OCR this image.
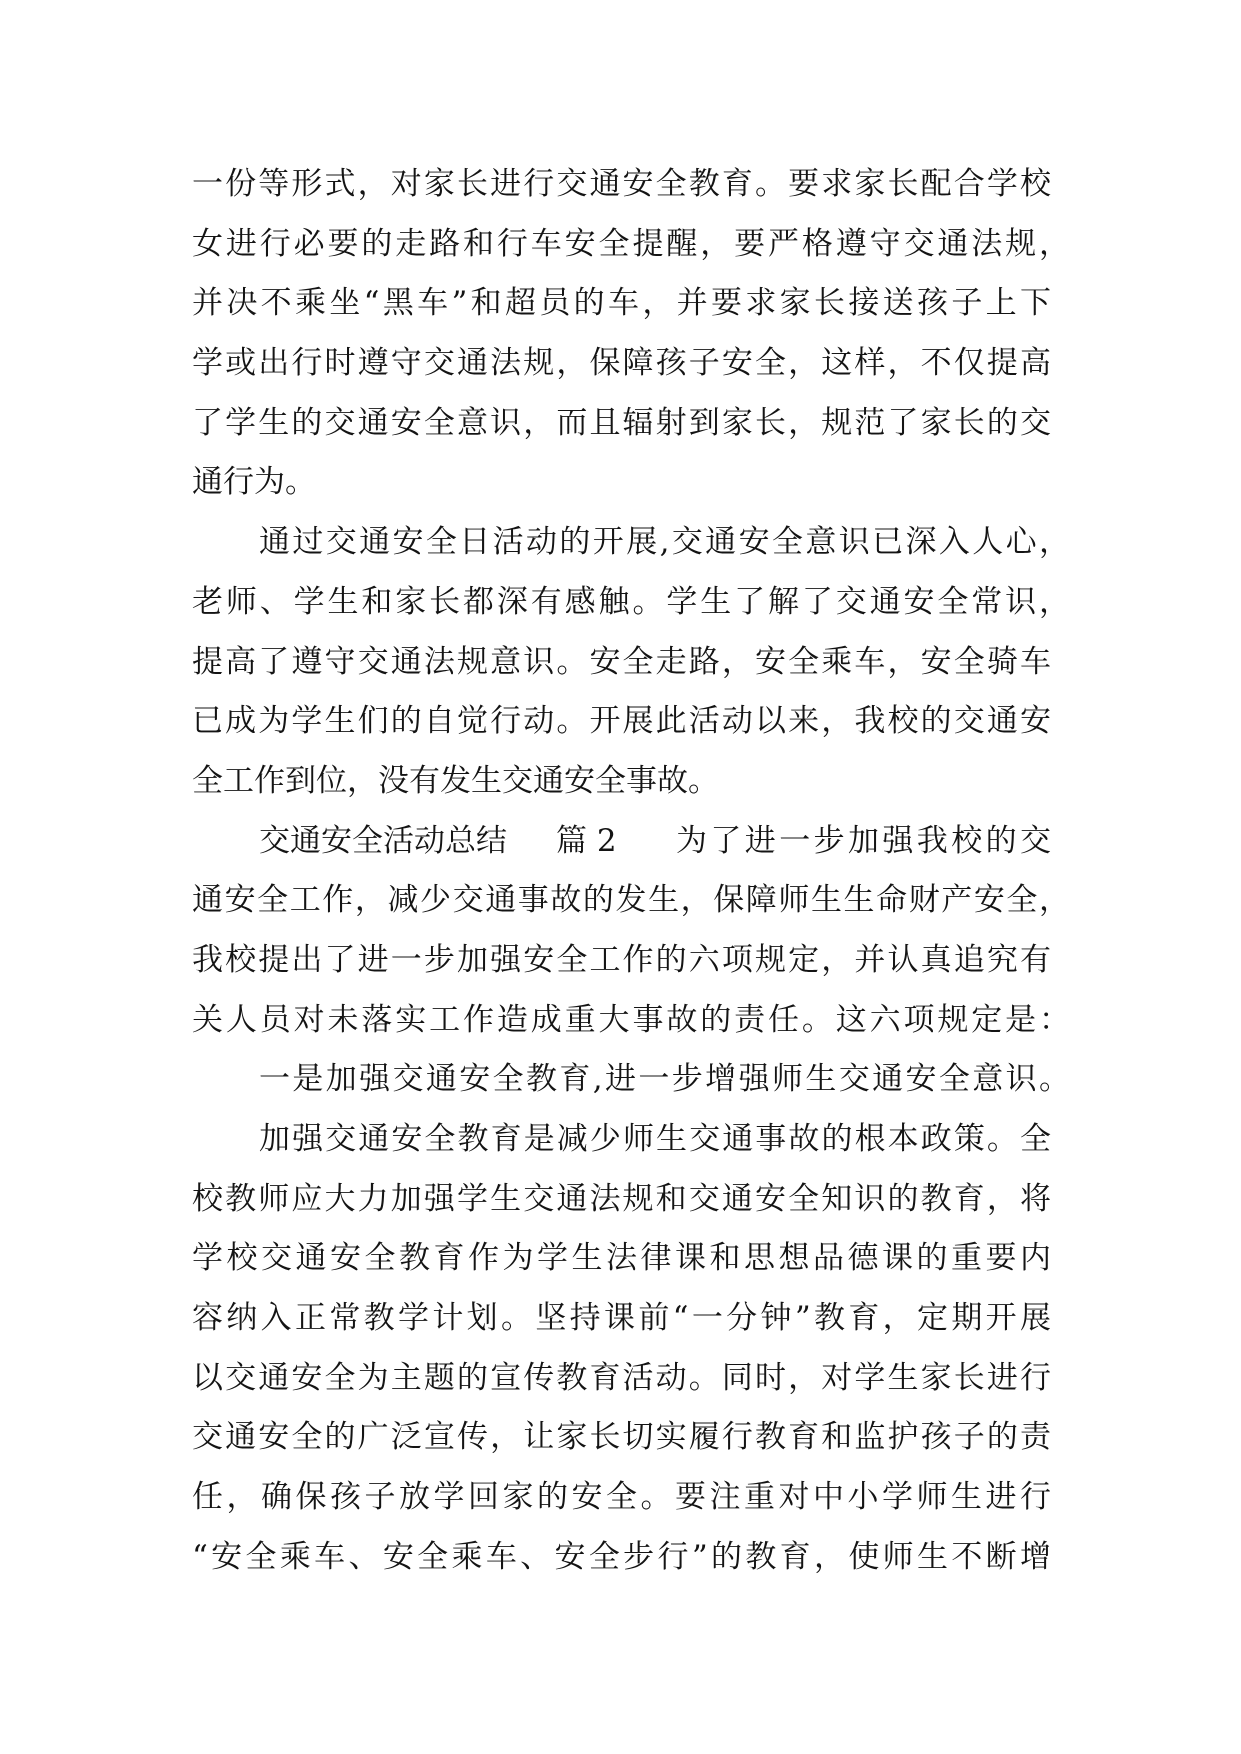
一份等形式，对家长进行交通安全教育。要求家长配合学校
女进行必要的走路和行车安全提醒，要严格遵守交通法规，
并决不乘坐“黑车”和超员的车，并要求家长接送孩子上下
学或出行时遵守交通法规，保障孩子安全，这样，不仅提高
了学生的交通安全意识，而且辐射到家长，规范了家长的交
通行为。
通过交通安全日活动的开展,交通安全意识已深入人心，
老师、学生和家长都深有感触。学生了解了交通安全常识，
提高了遵守交通法规意识。安全走路，安全乘车，安全骑车
已成为学生们的自觉行动。开展此活动以来，我校的交通安
全工作到位，没有发生交通安全事故。
交通安全活动总结 篇 2 为了进一步加强我校的交
通安全工作，减少交通事故的发生，保障师生生命财产安全，
我校提出了进一步加强安全工作的六项规定，并认真追究有
关人员对未落实工作造成重大事故的责任。这六项规定是：
一是加强交通安全教育,进一步增强师生交通安全意识。
加强交通安全教育是减少师生交通事故的根本政策。全
校教师应大力加强学生交通法规和交通安全知识的教育，将
学校交通安全教育作为学生法律课和思想品德课的重要内
容纳入正常教学计划。坚持课前“一分钟”教育，定期开展
以交通安全为主题的宣传教育活动。同时，对学生家长进行
交通安全的广泛宣传，让家长切实履行教育和监护孩子的责
任，确保孩子放学回家的安全。要注重对中小学师生进行
“安全乘车、安全乘车、安全步行”的教育，使师生不断增
